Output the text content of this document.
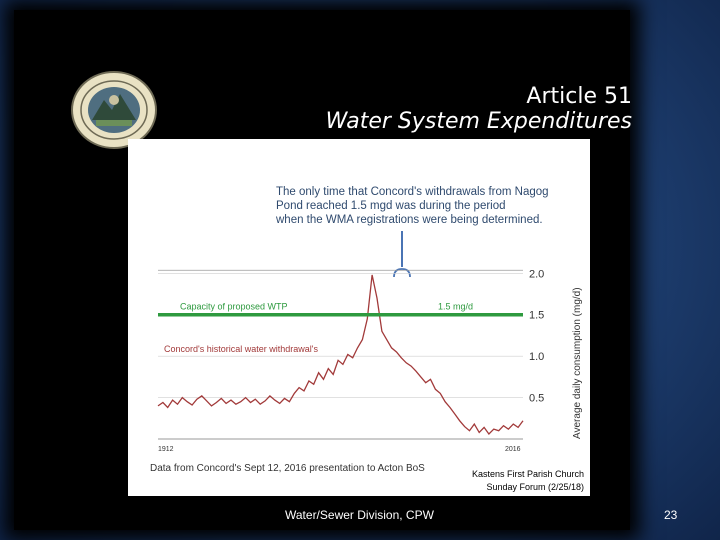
Article 51
Water System Expenditures
The only time that Concord's withdrawals from Nagog
Pond reached 1.5 mgd was during the period
when the WMA registrations were being determined.
0.5
1.0
1.5
2.0
Capacity of proposed WTP	1.5 mg/d
Concord's historical water withdrawal's	Average daily consumption (mg/d)
1912	2016
Data from Concord's Sept 12, 2016 presentation to Acton BoS	Kastens First Parish Church
Sunday Forum (2/25/18)
Water/Sewer Division, CPW	23
